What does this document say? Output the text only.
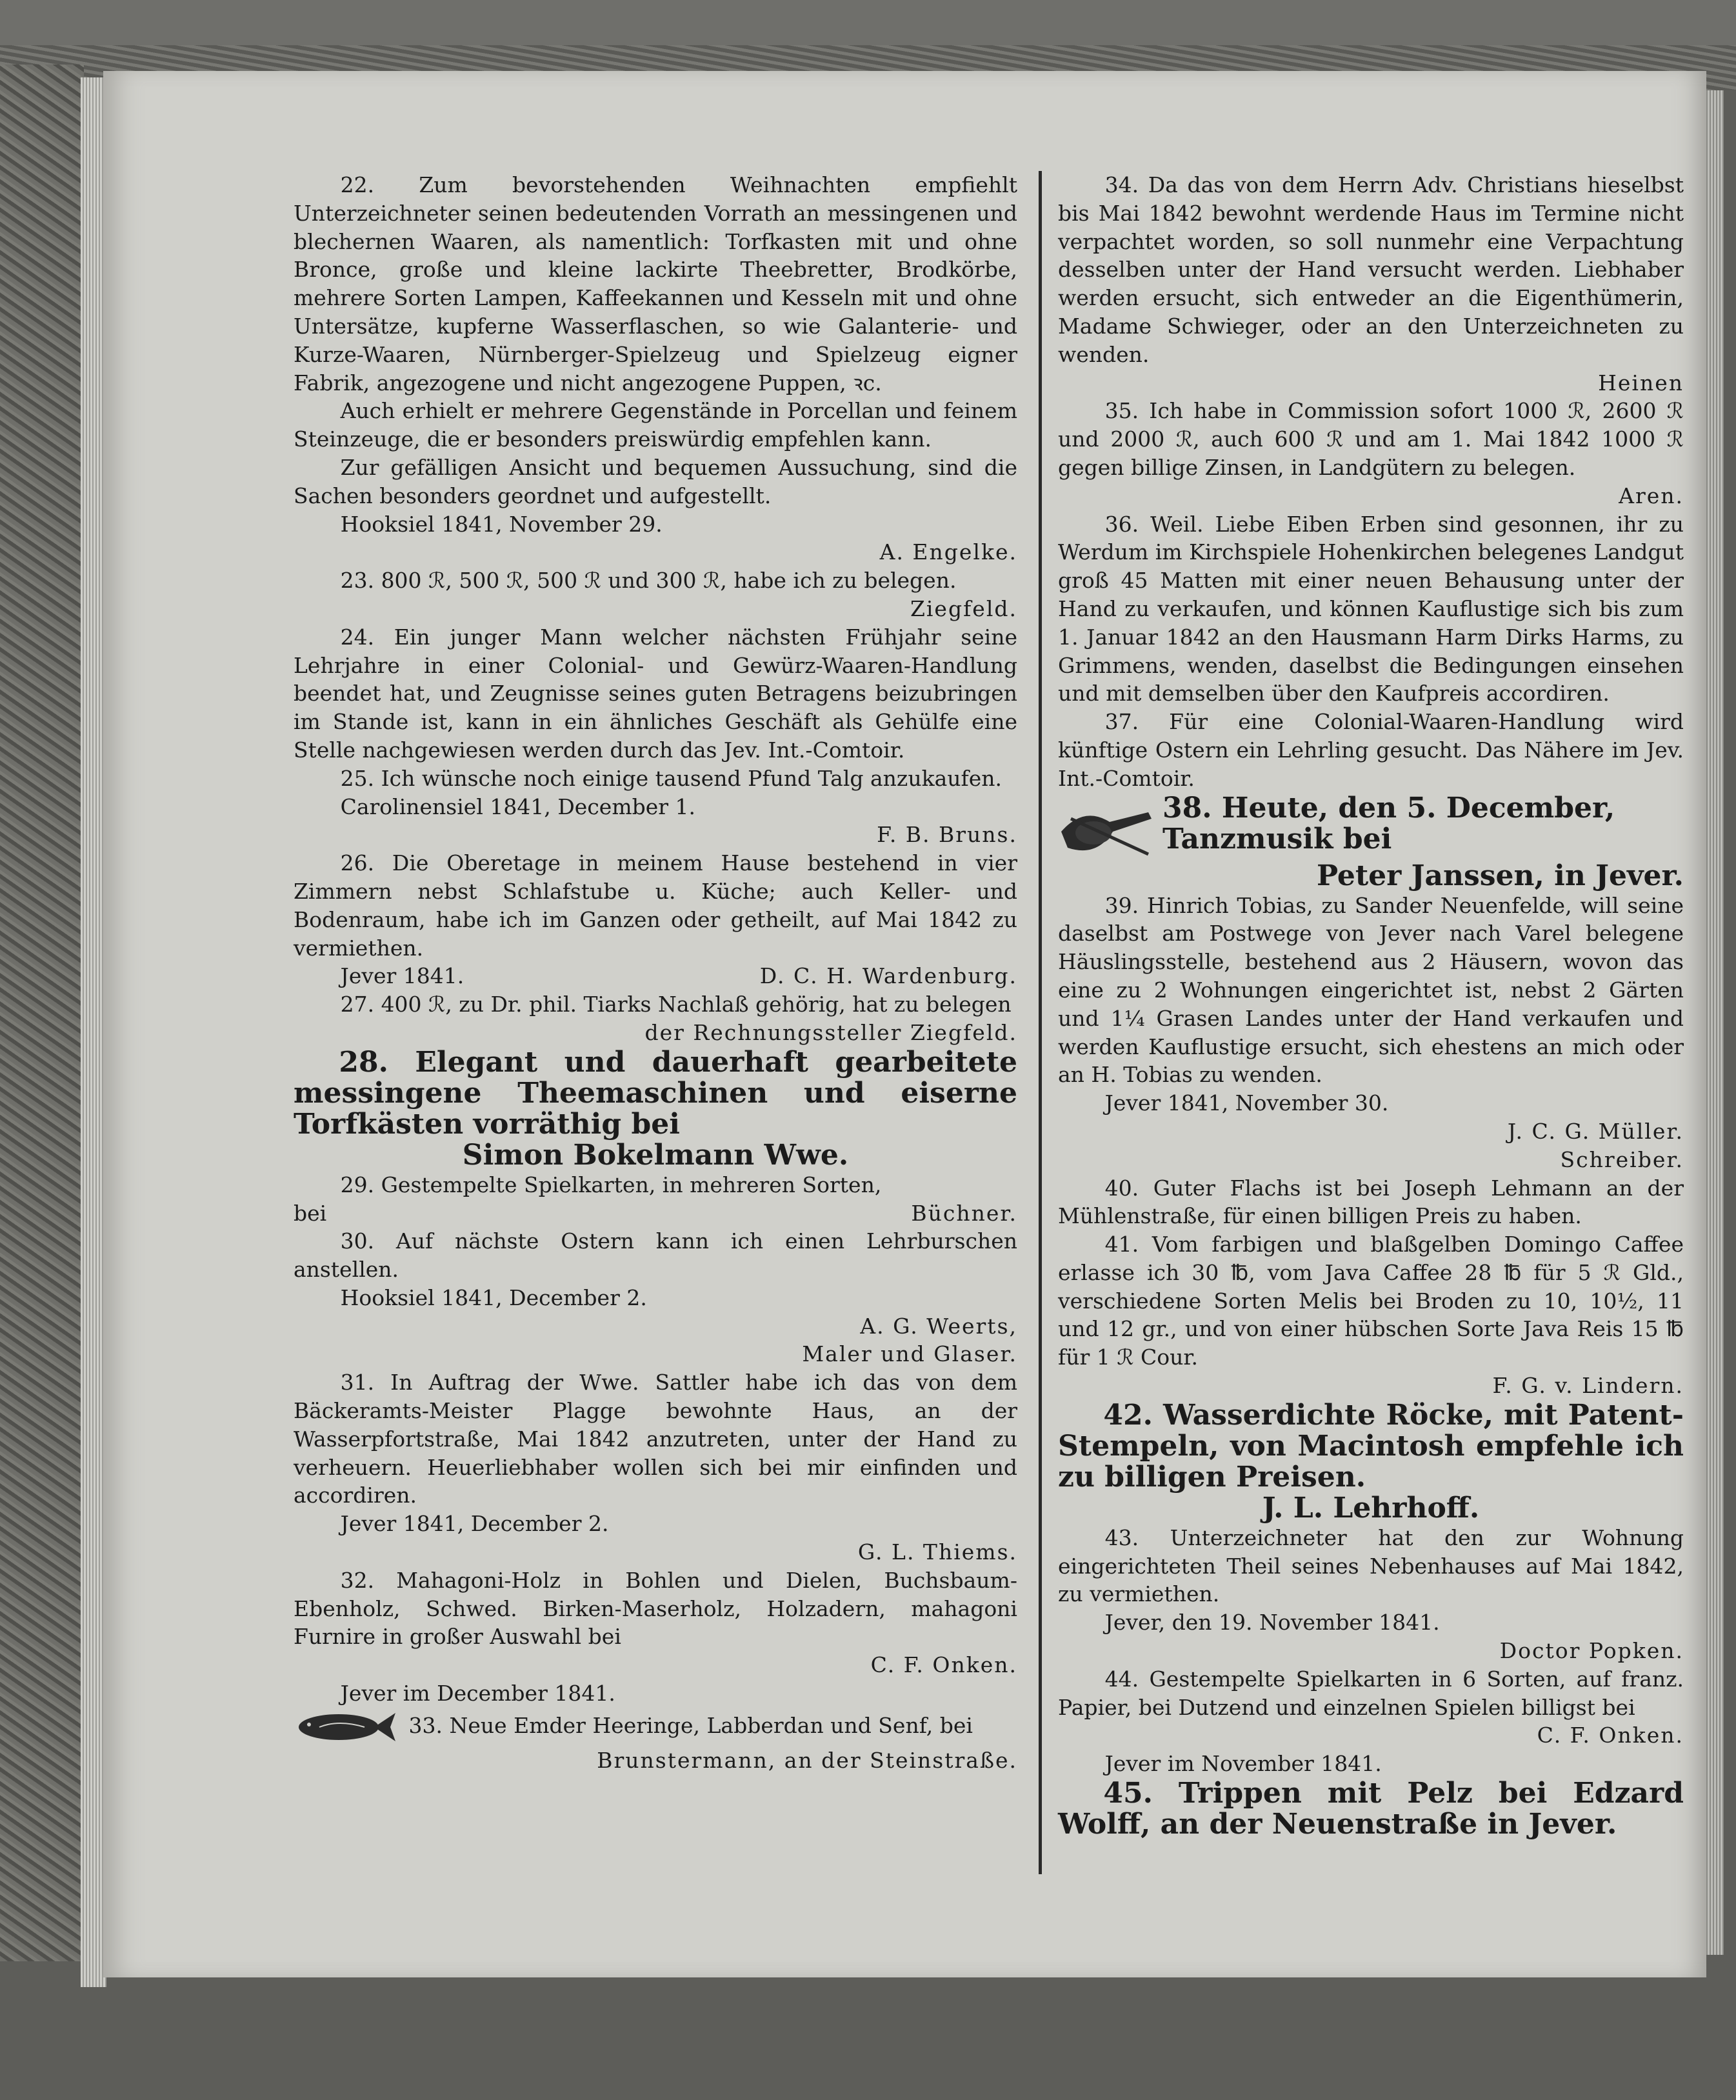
22. Zum bevorstehenden Weihnachten empfiehlt Unterzeichneter seinen bedeutenden Vorrath an messingenen und blechernen Waaren, als namentlich: Torfkasten mit und ohne Bronce, große und kleine lackirte Theebretter, Brodkörbe, mehrere Sorten Lampen, Kaffeekannen und Kesseln mit und ohne Untersätze, kupferne Wasserflaschen, so wie Galanterie- und Kurze-Waaren, Nürnberger-Spielzeug und Spielzeug eigner Fabrik, angezogene und nicht angezogene Puppen, ꝛc.

Auch erhielt er mehrere Gegenstände in Porcellan und feinem Steinzeuge, die er besonders preiswürdig empfehlen kann.

Zur gefälligen Ansicht und bequemen Aussuchung, sind die Sachen besonders geordnet und aufgestellt.

Hooksiel 1841, November 29.

A. Engelke.

23. 800 ℛ, 500 ℛ, 500 ℛ und 300 ℛ, habe ich zu belegen.

Ziegfeld.

24. Ein junger Mann welcher nächsten Frühjahr seine Lehrjahre in einer Colonial- und Gewürz-Waaren-Handlung beendet hat, und Zeugnisse seines guten Betragens beizubringen im Stande ist, kann in ein ähnliches Geschäft als Gehülfe eine Stelle nachgewiesen werden durch das Jev. Int.-Comtoir.

25. Ich wünsche noch einige tausend Pfund Talg anzukaufen.

Carolinensiel 1841, December 1.

F. B. Bruns.

26. Die Oberetage in meinem Hause bestehend in vier Zimmern nebst Schlafstube u. Küche; auch Keller- und Bodenraum, habe ich im Ganzen oder getheilt, auf Mai 1842 zu vermiethen.

Jever 1841.	D. C. H. Wardenburg.

27. 400 ℛ, zu Dr. phil. Tiarks Nachlaß gehörig, hat zu belegen

der Rechnungssteller Ziegfeld.

28. Elegant und dauerhaft gearbeitete messingene Theemaschinen und eiserne Torfkästen vorräthig bei

Simon Bokelmann Wwe.

29. Gestempelte Spielkarten, in mehreren Sorten,

bei	Büchner.

30. Auf nächste Ostern kann ich einen Lehrburschen anstellen.

Hooksiel 1841, December 2.

A. G. Weerts,

Maler und Glaser.

31. In Auftrag der Wwe. Sattler habe ich das von dem Bäckeramts-Meister Plagge bewohnte Haus, an der Wasserpfortstraße, Mai 1842 anzutreten, unter der Hand zu verheuern. Heuerliebhaber wollen sich bei mir einfinden und accordiren.

Jever 1841, December 2.

G. L. Thiems.

32. Mahagoni-Holz in Bohlen und Dielen, Buchsbaum-Ebenholz, Schwed. Birken-Maserholz, Holzadern, mahagoni Furnire in großer Auswahl bei

C. F. Onken.

Jever im December 1841.

33. Neue Emder Heeringe, Labberdan und Senf, bei

Brunstermann, an der Steinstraße.

34. Da das von dem Herrn Adv. Christians hieselbst bis Mai 1842 bewohnt werdende Haus im Termine nicht verpachtet worden, so soll nunmehr eine Verpachtung desselben unter der Hand versucht werden. Liebhaber werden ersucht, sich entweder an die Eigenthümerin, Madame Schwieger, oder an den Unterzeichneten zu wenden.

Heinen

35. Ich habe in Commission sofort 1000 ℛ, 2600 ℛ und 2000 ℛ, auch 600 ℛ und am 1. Mai 1842 1000 ℛ gegen billige Zinsen, in Landgütern zu belegen.

Aren.

36. Weil. Liebe Eiben Erben sind gesonnen, ihr zu Werdum im Kirchspiele Hohenkirchen belegenes Landgut groß 45 Matten mit einer neuen Behausung unter der Hand zu verkaufen, und können Kauflustige sich bis zum 1. Januar 1842 an den Hausmann Harm Dirks Harms, zu Grimmens, wenden, daselbst die Bedingungen einsehen und mit demselben über den Kaufpreis accordiren.

37. Für eine Colonial-Waaren-Handlung wird künftige Ostern ein Lehrling gesucht. Das Nähere im Jev. Int.-Comtoir.

38. Heute, den 5. December,

Tanzmusik bei

Peter Janssen, in Jever.

39. Hinrich Tobias, zu Sander Neuenfelde, will seine daselbst am Postwege von Jever nach Varel belegene Häuslingsstelle, bestehend aus 2 Häusern, wovon das eine zu 2 Wohnungen eingerichtet ist, nebst 2 Gärten und 1¼ Grasen Landes unter der Hand verkaufen und werden Kauflustige ersucht, sich ehestens an mich oder an H. Tobias zu wenden.

Jever 1841, November 30.

J. C. G. Müller.

Schreiber.

40. Guter Flachs ist bei Joseph Lehmann an der Mühlenstraße, für einen billigen Preis zu haben.

41. Vom farbigen und blaßgelben Domingo Caffee erlasse ich 30 ℔, vom Java Caffee 28 ℔ für 5 ℛ Gld., verschiedene Sorten Melis bei Broden zu 10, 10½, 11 und 12 gr., und von einer hübschen Sorte Java Reis 15 ℔ für 1 ℛ Cour.

F. G. v. Lindern.

42. Wasserdichte Röcke, mit Patent-Stempeln, von Macintosh empfehle ich zu billigen Preisen.

J. L. Lehrhoff.

43. Unterzeichneter hat den zur Wohnung eingerichteten Theil seines Nebenhauses auf Mai 1842, zu vermiethen.

Jever, den 19. November 1841.

Doctor Popken.

44. Gestempelte Spielkarten in 6 Sorten, auf franz. Papier, bei Dutzend und einzelnen Spielen billigst bei

C. F. Onken.

Jever im November 1841.

45. Trippen mit Pelz bei Edzard Wolff, an der Neuenstraße in Jever.
